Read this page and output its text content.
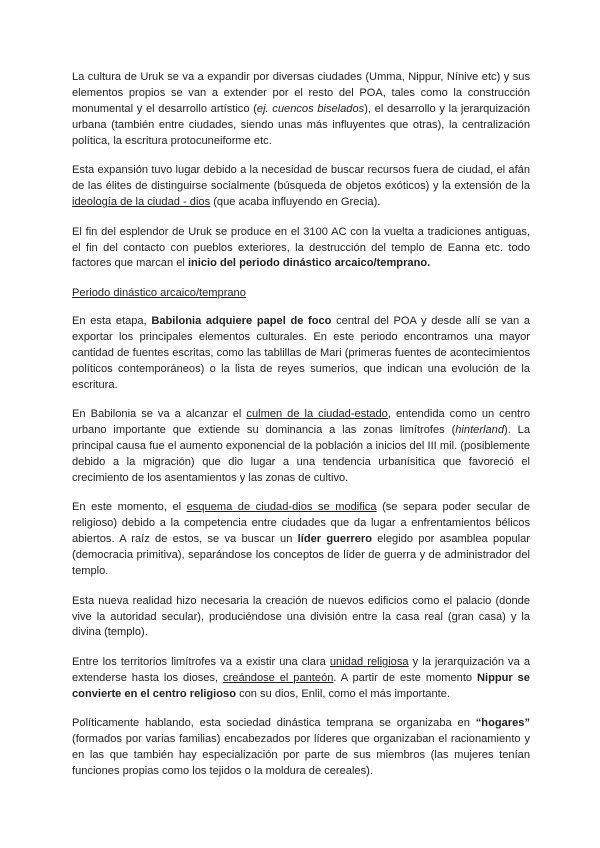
La cultura de Uruk se va a expandir por diversas ciudades (Umma, Nippur, Nínive etc) y sus elementos propios se van a extender por el resto del POA, tales como la construcción monumental y el desarrollo artístico (ej. cuencos biselados), el desarrollo y la jerarquización urbana (también entre ciudades, siendo unas más influyentes que otras), la centralización política, la escritura protocuneiforme etc.

Esta expansión tuvo lugar debido a la necesidad de buscar recursos fuera de ciudad, el afán de las élites de distinguirse socialmente (búsqueda de objetos exóticos) y la extensión de la ideología de la ciudad - dios (que acaba influyendo en Grecia).

El fin del esplendor de Uruk se produce en el 3100 AC con la vuelta a tradiciones antiguas, el fin del contacto con pueblos exteriores, la destrucción del templo de Eanna etc. todo factores que marcan el inicio del periodo dinástico arcaico/temprano.

Periodo dinástico arcaico/temprano

En esta etapa, Babilonia adquiere papel de foco central del POA y desde allí se van a exportar los principales elementos culturales. En este periodo encontramos una mayor cantidad de fuentes escritas, como las tablillas de Mari (primeras fuentes de acontecimientos políticos contemporáneos) o la lista de reyes sumerios, que indican una evolución de la escritura.

En Babilonia se va a alcanzar el culmen de la ciudad-estado, entendida como un centro urbano importante que extiende su dominancia a las zonas limítrofes (hinterland). La principal causa fue el aumento exponencial de la población a inicios del III mil. (posiblemente debido a la migración) que dio lugar a una tendencia urbanísitica que favoreció el crecimiento de los asentamientos y las zonas de cultivo.

En este momento, el esquema de ciudad-dios se modifica (se separa poder secular de religioso) debido a la competencia entre ciudades que da lugar a enfrentamientos bélicos abiertos. A raíz de estos, se va buscar un líder guerrero elegido por asamblea popular (democracia primitiva), separándose los conceptos de líder de guerra y de administrador del templo.

Esta nueva realidad hizo necesaria la creación de nuevos edificios como el palacio (donde vive la autoridad secular), produciéndose una división entre la casa real (gran casa) y la divina (templo).

Entre los territorios limítrofes va a existir una clara unidad religiosa y la jerarquización va a extenderse hasta los dioses, creándose el panteón. A partir de este momento Nippur se convierte en el centro religioso con su dios, Enlil, como el más importante.

Políticamente hablando, esta sociedad dinástica temprana se organizaba en “hogares” (formados por varias familias) encabezados por líderes que organizaban el racionamiento y en las que también hay especialización por parte de sus miembros (las mujeres tenían funciones propias como los tejidos o la moldura de cereales).
